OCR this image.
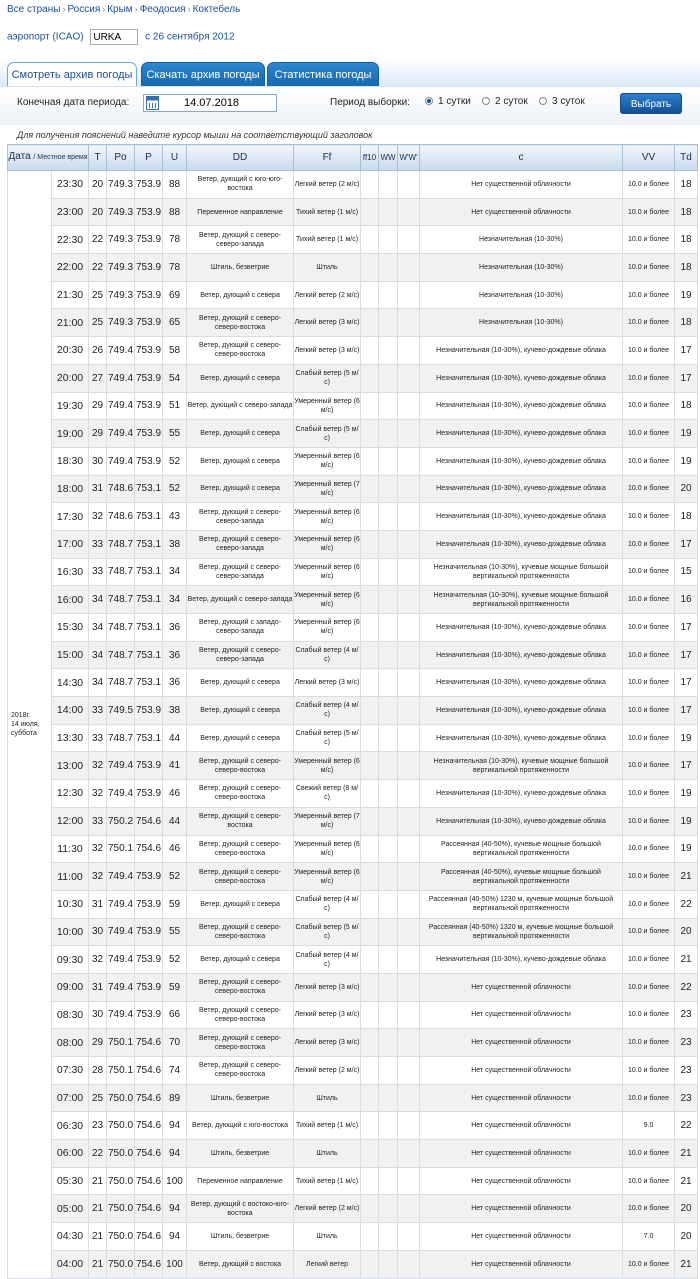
Все страны › Россия › Крым › Феодосия › Коктебель
аэропорт (ICAO) URKA	с 26 сентября 2012
Смотреть архив погоды	Скачать архив погоды	Статистика погоды
Конечная дата периода:	14.07.2018	Период выборки:	1 сутки 2 суток 3 суток	Выбрать
Для получения пояснений наведите курсор мыши на соответствующий заголовок
Дата / Местное время		T	Po	P	U	DD	Ff	ff10	WW	W'W'	c	VV	Td

2018г.
14 июля,
суббота	23:30	20	749.3	753.9	88	Ветер, дующий с юго-юго-востока	Легкий ветер (2 м/с)				Нет существенной облачности	10.0 и более	18
	23:00	20	749.3	753.9	88	Переменное направление	Тихий ветер (1 м/с)				Нет существенной облачности	10.0 и более	18
	22:30	22	749.3	753.9	78	Ветер, дующий с северо-северо-запада	Тихий ветер (1 м/с)				Незначительная (10-30%)	10.0 и более	18
	22:00	22	749.3	753.9	78	Штиль, безветрие	Штиль				Незначительная (10-30%)	10.0 и более	18
	21:30	25	749.3	753.9	69	Ветер, дующий с севера	Легкий ветер (2 м/с)				Незначительная (10-30%)	10.0 и более	19
	21:00	25	749.3	753.9	65	Ветер, дующий с северо-северо-востока	Легкий ветер (3 м/с)				Незначительная (10-30%)	10.0 и более	18
	20:30	26	749.4	753.9	58	Ветер, дующий с северо-северо-востока	Легкий ветер (3 м/с)				Незначительная (10-30%), кучево-дождевые облака	10.0 и более	17
	20:00	27	749.4	753.9	54	Ветер, дующий с севера	Слабый ветер (5 м/с)				Незначительная (10-30%), кучево-дождевые облака	10.0 и более	17
	19:30	29	749.4	753.9	51	Ветер, дующий с северо-запада	Умеренный ветер (6 м/с)				Незначительная (10-30%), кучево-дождевые облака	10.0 и более	18
	19:00	29	749.4	753.9	55	Ветер, дующий с севера	Слабый ветер (5 м/с)				Незначительная (10-30%), кучево-дождевые облака	10.0 и более	19
	18:30	30	749.4	753.9	52	Ветер, дующий с севера	Умеренный ветер (6 м/с)				Незначительная (10-30%), кучево-дождевые облака	10.0 и более	19
	18:00	31	748.6	753.1	52	Ветер, дующий с севера	Умеренный ветер (7 м/с)				Незначительная (10-30%), кучево-дождевые облака	10.0 и более	20
	17:30	32	748.6	753.1	43	Ветер, дующий с северо-северо-запада	Умеренный ветер (6 м/с)				Незначительная (10-30%), кучево-дождевые облака	10.0 и более	18
	17:00	33	748.7	753.1	38	Ветер, дующий с северо-северо-запада	Умеренный ветер (6 м/с)				Незначительная (10-30%), кучево-дождевые облака	10.0 и более	17
	16:30	33	748.7	753.1	34	Ветер, дующий с северо-северо-запада	Умеренный ветер (6 м/с)				Незначительная (10-30%), кучевые мощные большой вертикальной протяженности	10.0 и более	15
	16:00	34	748.7	753.1	34	Ветер, дующий с северо-запада	Умеренный ветер (6 м/с)				Незначительная (10-30%), кучевые мощные большой вертикальной протяженности	10.0 и более	16
	15:30	34	748.7	753.1	36	Ветер, дующий с западо-северо-запада	Умеренный ветер (6 м/с)				Незначительная (10-30%), кучево-дождевые облака	10.0 и более	17
	15:00	34	748.7	753.1	36	Ветер, дующий с северо-северо-запада	Слабый ветер (4 м/с)				Незначительная (10-30%), кучево-дождевые облака	10.0 и более	17
	14:30	34	748.7	753.1	36	Ветер, дующий с севера	Легкий ветер (3 м/с)				Незначительная (10-30%), кучево-дождевые облака	10.0 и более	17
	14:00	33	749.5	753.9	38	Ветер, дующий с севера	Слабый ветер (4 м/с)				Незначительная (10-30%), кучево-дождевые облака	10.0 и более	17
	13:30	33	748.7	753.1	44	Ветер, дующий с севера	Слабый ветер (5 м/с)				Незначительная (10-30%), кучево-дождевые облака	10.0 и более	19
	13:00	32	749.4	753.9	41	Ветер, дующий с северо-северо-востока	Умеренный ветер (6 м/с)				Незначительная (10-30%), кучевые мощные большой вертикальной протяженности	10.0 и более	17
	12:30	32	749.4	753.9	46	Ветер, дующий с северо-северо-востока	Свежий ветер (8 м/с)				Незначительная (10-30%), кучево-дождевые облака	10.0 и более	19
	12:00	33	750.2	754.6	44	Ветер, дующий с северо-востока	Умеренный ветер (7 м/с)				Незначительная (10-30%), кучево-дождевые облака	10.0 и более	19
	11:30	32	750.1	754.6	46	Ветер, дующий с северо-северо-востока	Умеренный ветер (6 м/с)				Рассеянная (40-50%), кучевые мощные большой вертикальной протяженности	10.0 и более	19
	11:00	32	749.4	753.9	52	Ветер, дующий с северо-северо-востока	Умеренный ветер (6 м/с)				Рассеянная (40-50%), кучевые мощные большой вертикальной протяженности	10.0 и более	21
	10:30	31	749.4	753.9	59	Ветер, дующий с севера	Слабый ветер (4 м/с)				Рассеянная (40-50%) 1230 м, кучевые мощные большой вертикальной протяженности	10.0 и более	22
	10:00	30	749.4	753.9	55	Ветер, дующий с северо-северо-востока	Слабый ветер (5 м/с)				Рассеянная (40-50%) 1320 м, кучевые мощные большой вертикальной протяженности	10.0 и более	20
	09:30	32	749.4	753.9	52	Ветер, дующий с севера	Слабый ветер (4 м/с)				Незначительная (10-30%), кучево-дождевые облака	10.0 и более	21
	09:00	31	749.4	753.9	59	Ветер, дующий с северо-северо-востока	Легкий ветер (3 м/с)				Нет существенной облачности	10.0 и более	22
	08:30	30	749.4	753.9	66	Ветер, дующий с северо-северо-востока	Легкий ветер (3 м/с)				Нет существенной облачности	10.0 и более	23
	08:00	29	750.1	754.6	70	Ветер, дующий с северо-северо-востока	Легкий ветер (3 м/с)				Нет существенной облачности	10.0 и более	23
	07:30	28	750.1	754.6	74	Ветер, дующий с северо-северо-востока	Легкий ветер (2 м/с)				Нет существенной облачности	10.0 и более	23
	07:00	25	750.0	754.6	89	Штиль, безветрие	Штиль				Нет существенной облачности	10.0 и более	23
	06:30	23	750.0	754.6	94	Ветер, дующий с юго-востока	Тихий ветер (1 м/с)				Нет существенной облачности	9.0	22
	06:00	22	750.0	754.6	94	Штиль, безветрие	Штиль				Нет существенной облачности	10.0 и более	21
	05:30	21	750.0	754.6	100	Переменное направление	Тихий ветер (1 м/с)				Нет существенной облачности	10.0 и более	21
	05:00	21	750.0	754.6	94	Ветер, дующий с востоко-юго-востока	Легкий ветер (2 м/с)				Нет существенной облачности	10.0 и более	20
	04:30	21	750.0	754.6	94	Штиль, безветрие	Штиль				Нет существенной облачности	7.0	20
	04:00	21	750.0	754.6	100	Ветер, дующий с востока	Легкий ветер				Нет существенной облачности	10.0 и более	21
